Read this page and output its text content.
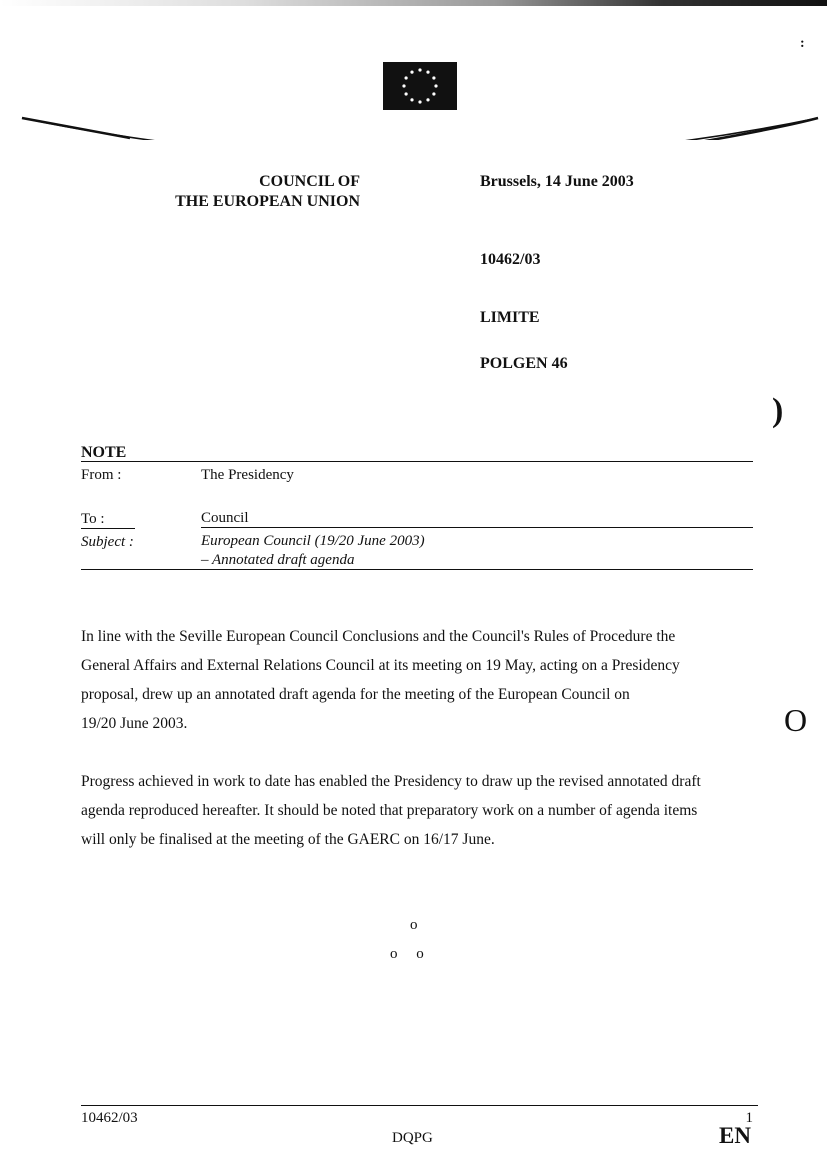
COUNCIL OF
THE EUROPEAN UNION
Brussels, 14 June 2003
10462/03
LIMITE
POLGEN 46
:
)
O
NOTE
From :	The Presidency
To :	Council
Subject :	European Council (19/20 June 2003)
– Annotated draft agenda
In line with the Seville European Council Conclusions and the Council's Rules of Procedure the
General Affairs and External Relations Council at its meeting on 19 May, acting on a Presidency
proposal, drew up an annotated draft agenda for the meeting of the European Council on
19/20 June 2003.
Progress achieved in work to date has enabled the Presidency to draw up the revised annotated draft
agenda reproduced hereafter. It should be noted that preparatory work on a number of agenda items
will only be finalised at the meeting of the GAERC on 16/17 June.
o
o     o
10462/03	1
DQPG	EN
